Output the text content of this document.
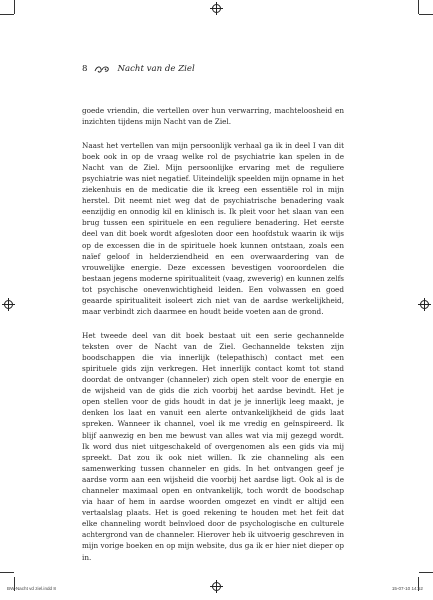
8	Nacht van de Ziel

goede vriendin, die vertellen over hun verwarring, machteloosheid en inzichten tijdens mijn Nacht van de Ziel.

Naast het vertellen van mijn persoonlijk verhaal ga ik in deel I van dit boek ook in op de vraag welke rol de psychiatrie kan spelen in de Nacht van de Ziel. Mijn persoonlijke ervaring met de reguliere psychiatrie was niet negatief. Uiteindelijk speelden mijn opname in het ziekenhuis en de medicatie die ik kreeg een essentiële rol in mijn herstel. Dit neemt niet weg dat de psychiatrische benadering vaak eenzijdig en onnodig kil en klinisch is. Ik pleit voor het slaan van een brug tussen een spirituele en een reguliere benadering. Het eerste deel van dit boek wordt afgesloten door een hoofdstuk waarin ik wijs op de excessen die in de spirituele hoek kunnen ontstaan, zoals een naïef geloof in helderziendheid en een overwaardering van de vrouwelijke energie. Deze excessen bevestigen vooroordelen die bestaan jegens moderne spiritualiteit (vaag, zweverig) en kunnen zelfs tot psychische onevenwichtigheid leiden. Een volwassen en goed geaarde spiritualiteit isoleert zich niet van de aardse werkelijkheid, maar verbindt zich daarmee en houdt beide voeten aan de grond.

Het tweede deel van dit boek bestaat uit een serie gechannelde teksten over de Nacht van de Ziel. Gechannelde teksten zijn boodschappen die via innerlijk (telepathisch) contact met een spirituele gids zijn verkregen. Het innerlijk contact komt tot stand doordat de ontvanger (channeler) zich open stelt voor de energie en de wijsheid van de gids die zich voorbij het aardse bevindt. Het je open stellen voor de gids houdt in dat je je innerlijk leeg maakt, je denken los laat en vanuit een alerte ontvankelijkheid de gids laat spreken. Wanneer ik channel, voel ik me vredig en geïnspireerd. Ik blijf aanwezig en ben me bewust van alles wat via mij gezegd wordt. Ik word dus niet uitgeschakeld of overgenomen als een gids via mij spreekt. Dat zou ik ook niet willen. Ik zie channeling als een samenwerking tussen channeler en gids. In het ontvangen geef je aardse vorm aan een wijsheid die voorbij het aardse ligt. Ook al is de channeler maximaal open en ontvankelijk, toch wordt de boodschap via haar of hem in aardse woorden omgezet en vindt er altijd een vertaalslag plaats. Het is goed rekening te houden met het feit dat elke channeling wordt beïnvloed door de psychologische en culturele achtergrond van de channeler. Hierover heb ik uitvoerig geschreven in mijn vorige boeken en op mijn website, dus ga ik er hier niet dieper op in.

BW-Nacht vd ziel.indd 8	15-07-10 14:52
